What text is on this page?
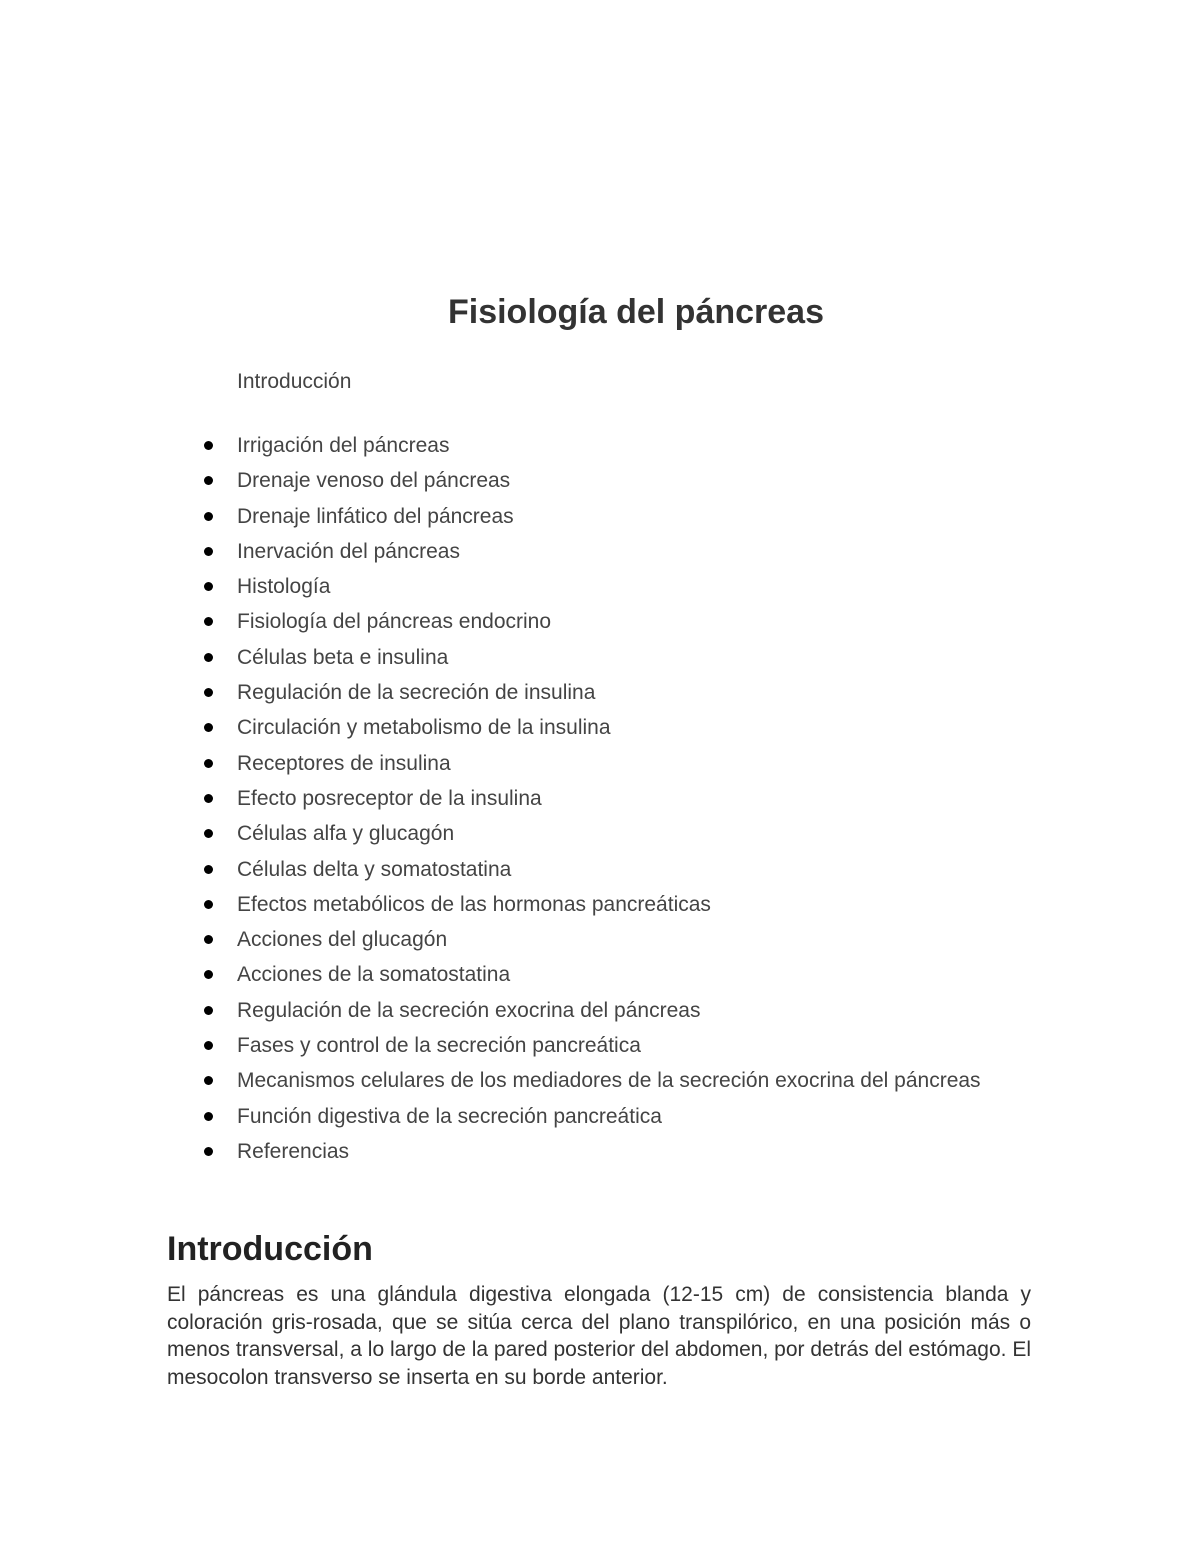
Fisiología del páncreas

Introducción

Irrigación del páncreas
Drenaje venoso del páncreas
Drenaje linfático del páncreas
Inervación del páncreas
Histología
Fisiología del páncreas endocrino
Células beta e insulina
Regulación de la secreción de insulina
Circulación y metabolismo de la insulina
Receptores de insulina
Efecto posreceptor de la insulina
Células alfa y glucagón
Células delta y somatostatina
Efectos metabólicos de las hormonas pancreáticas
Acciones del glucagón
Acciones de la somatostatina
Regulación de la secreción exocrina del páncreas
Fases y control de la secreción pancreática
Mecanismos celulares de los mediadores de la secreción exocrina del páncreas
Función digestiva de la secreción pancreática
Referencias
Introducción

El páncreas es una glándula digestiva elongada (12-15 cm) de consistencia blanda y coloración gris-rosada, que se sitúa cerca del plano transpilórico, en una posición más o menos transversal, a lo largo de la pared posterior del abdomen, por detrás del estómago. El mesocolon transverso se inserta en su borde anterior.
